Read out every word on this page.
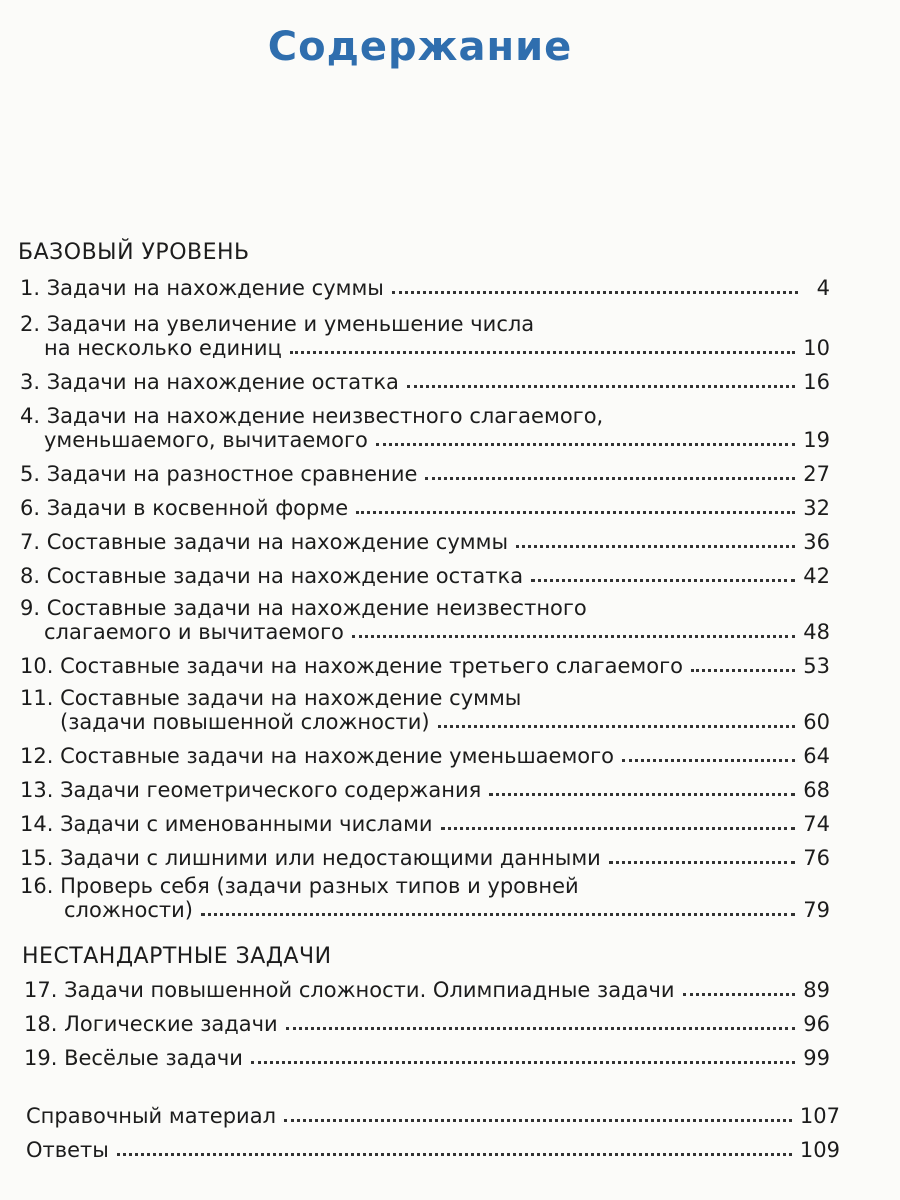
Содержание
БАЗОВЫЙ УРОВЕНЬ
1. Задачи на нахождение суммы	4
2. Задачи на увеличение и уменьшение числа
на несколько единиц	10
3. Задачи на нахождение остатка	16
4. Задачи на нахождение неизвестного слагаемого,
уменьшаемого, вычитаемого	19
5. Задачи на разностное сравнение	27
6. Задачи в косвенной форме	32
7. Составные задачи на нахождение суммы	36
8. Составные задачи на нахождение остатка	42
9. Составные задачи на нахождение неизвестного
слагаемого и вычитаемого	48
10. Составные задачи на нахождение третьего слагаемого	53
11. Составные задачи на нахождение суммы
(задачи повышенной сложности)	60
12. Составные задачи на нахождение уменьшаемого	64
13. Задачи геометрического содержания	68
14. Задачи с именованными числами	74
15. Задачи с лишними или недостающими данными	76
16. Проверь себя (задачи разных типов и уровней
сложности)	79
НЕСТАНДАРТНЫЕ ЗАДАЧИ
17. Задачи повышенной сложности. Олимпиадные задачи	89
18. Логические задачи	96
19. Весёлые задачи	99
Справочный материал	107
Ответы	109
